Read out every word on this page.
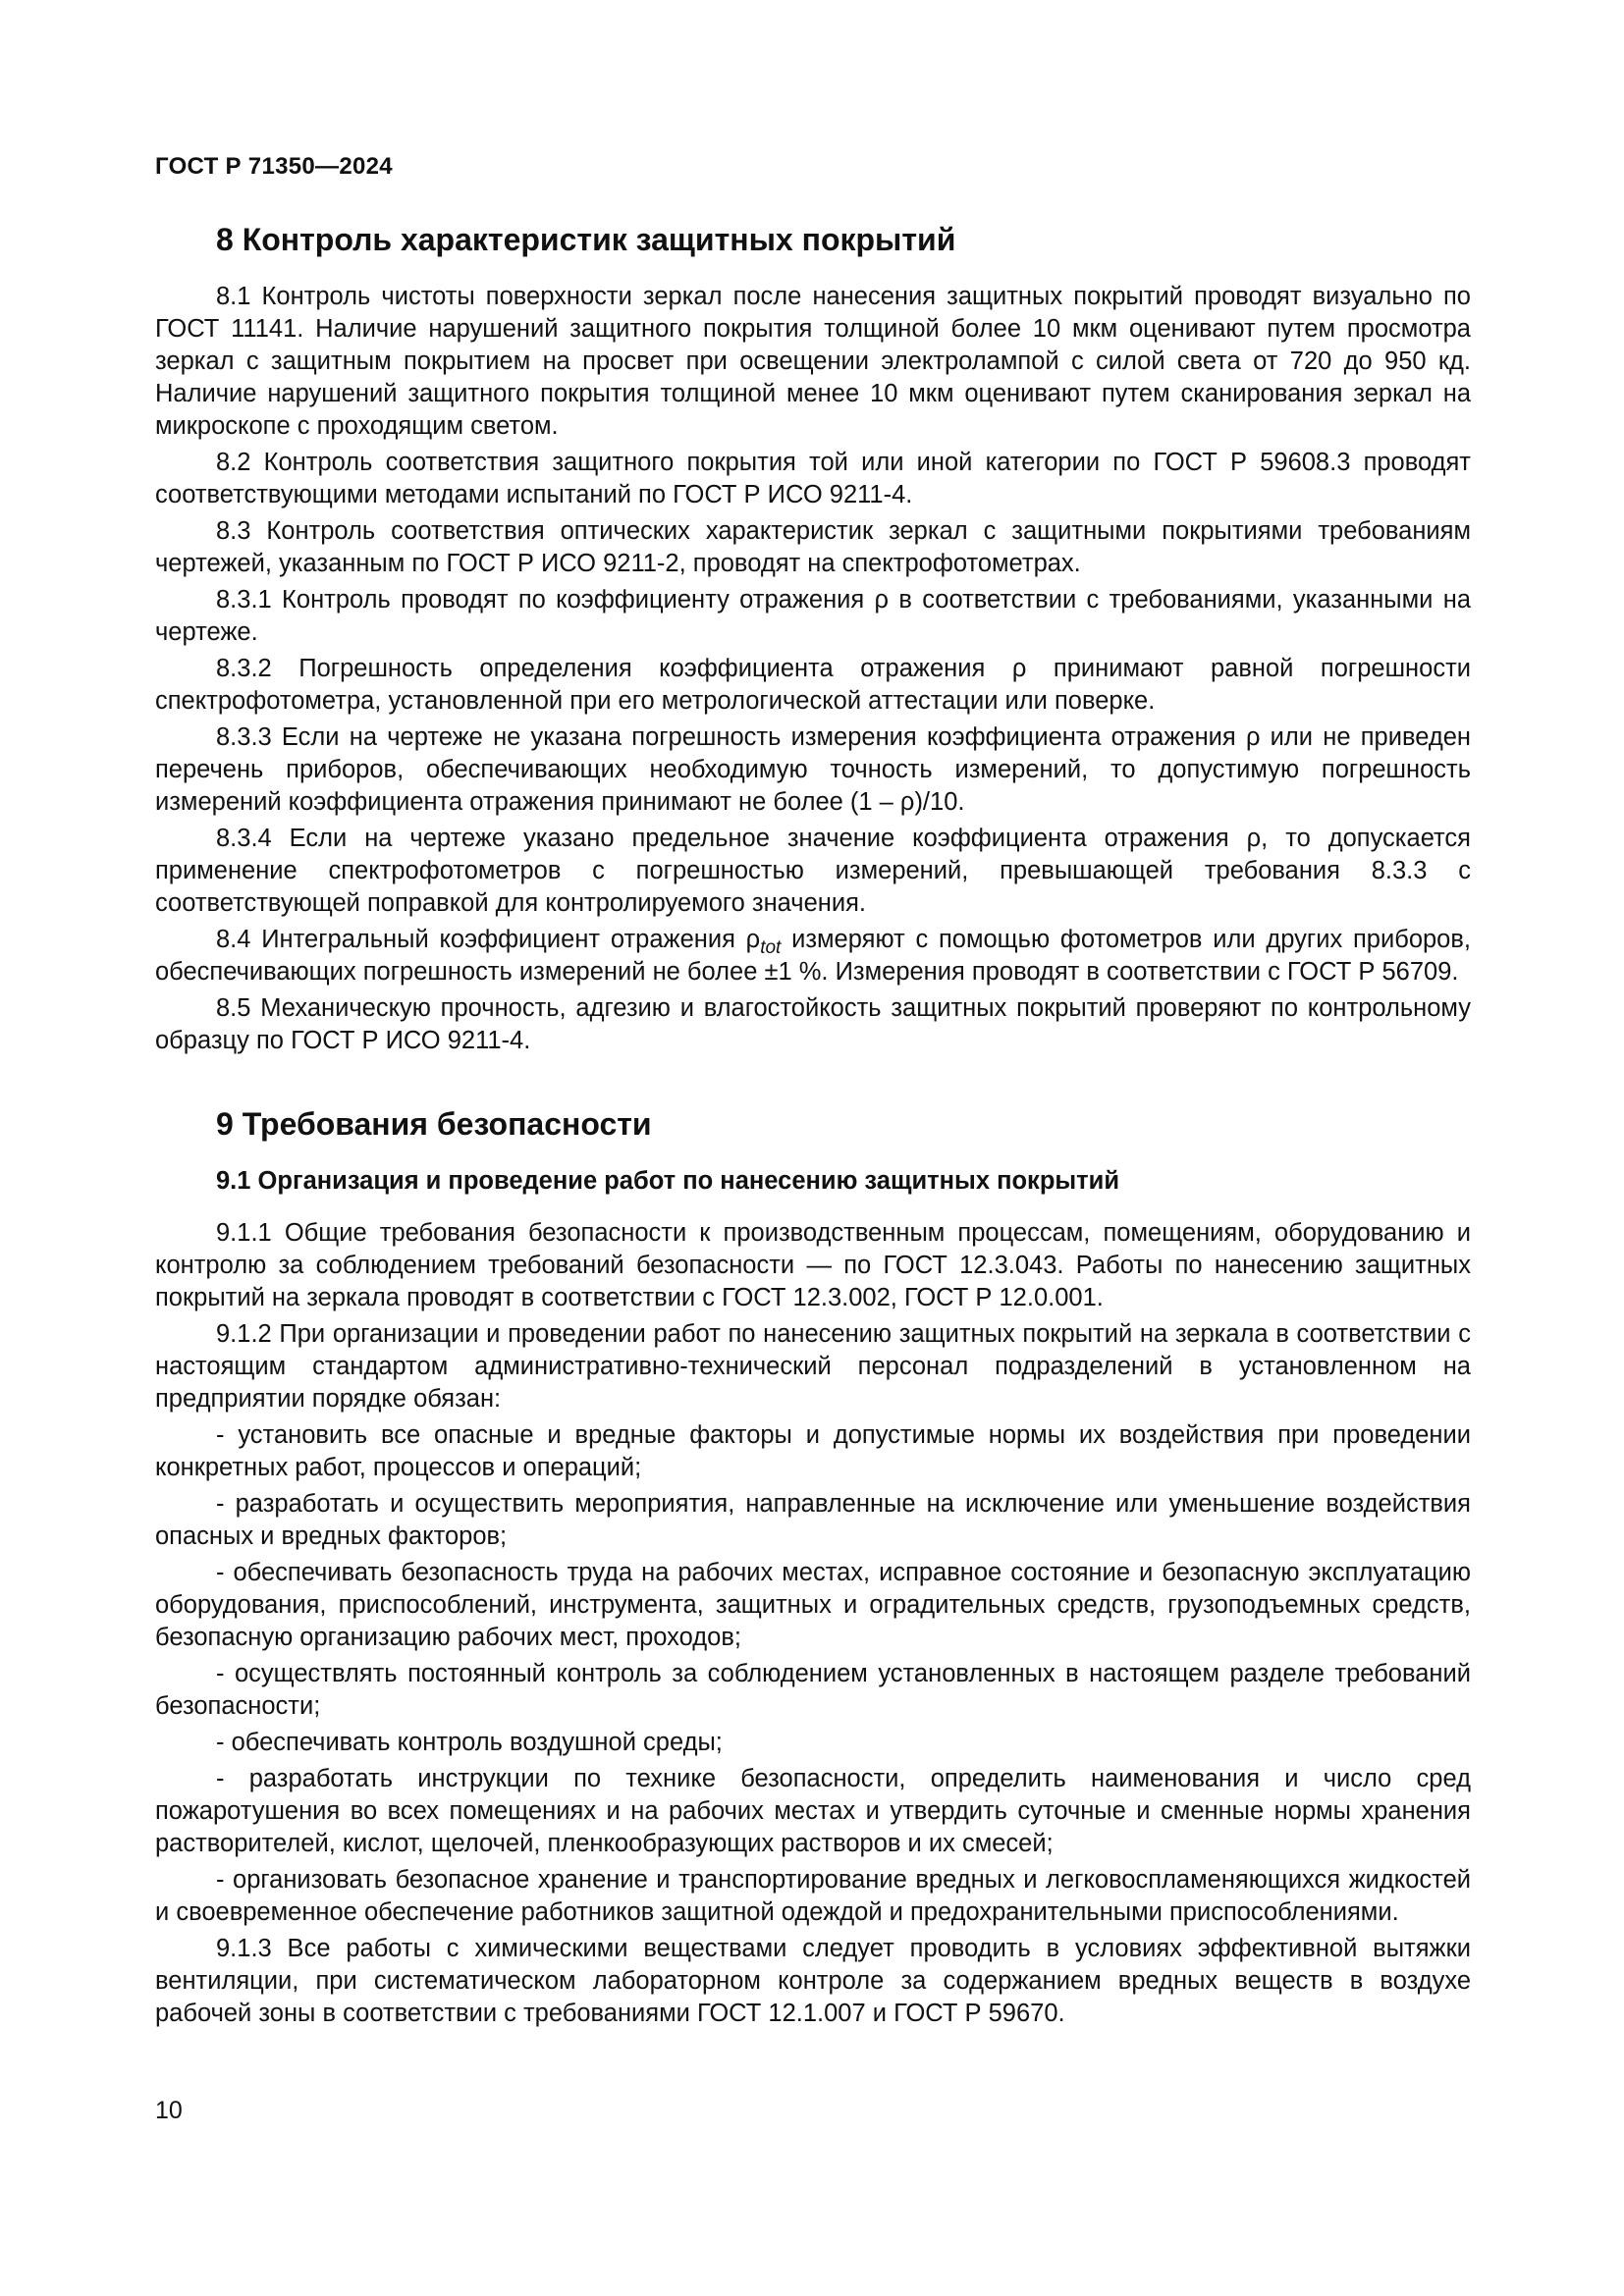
ГОСТ Р 71350—2024
8 Контроль характеристик защитных покрытий

8.1 Контроль чистоты поверхности зеркал после нанесения защитных покрытий проводят визуально по ГОСТ 11141. Наличие нарушений защитного покрытия толщиной более 10 мкм оценивают путем просмотра зеркал с защитным покрытием на просвет при освещении электролампой с силой света от 720 до 950 кд. Наличие нарушений защитного покрытия толщиной менее 10 мкм оценивают путем сканирования зеркал на микроскопе с проходящим светом.

8.2 Контроль соответствия защитного покрытия той или иной категории по ГОСТ Р 59608.3 проводят соответствующими методами испытаний по ГОСТ Р ИСО 9211-4.

8.3 Контроль соответствия оптических характеристик зеркал с защитными покрытиями требованиям чертежей, указанным по ГОСТ Р ИСО 9211-2, проводят на спектрофотометрах.

8.3.1 Контроль проводят по коэффициенту отражения ρ в соответствии с требованиями, указанными на чертеже.

8.3.2 Погрешность определения коэффициента отражения ρ принимают равной погрешности спектрофотометра, установленной при его метрологической аттестации или поверке.

8.3.3 Если на чертеже не указана погрешность измерения коэффициента отражения ρ или не приведен перечень приборов, обеспечивающих необходимую точность измерений, то допустимую погрешность измерений коэффициента отражения принимают не более (1 – ρ)/10.

8.3.4 Если на чертеже указано предельное значение коэффициента отражения ρ, то допускается применение спектрофотометров с погрешностью измерений, превышающей требования 8.3.3 с соответствующей поправкой для контролируемого значения.

8.4 Интегральный коэффициент отражения $\rho_{tot}$ измеряют с помощью фотометров или других приборов, обеспечивающих погрешность измерений не более ±1 %. Измерения проводят в соответствии с ГОСТ Р 56709.

8.5 Механическую прочность, адгезию и влагостойкость защитных покрытий проверяют по контрольному образцу по ГОСТ Р ИСО 9211-4.

9 Требования безопасности
9.1 Организация и проведение работ по нанесению защитных покрытий

9.1.1 Общие требования безопасности к производственным процессам, помещениям, оборудованию и контролю за соблюдением требований безопасности — по ГОСТ 12.3.043. Работы по нанесению защитных покрытий на зеркала проводят в соответствии с ГОСТ 12.3.002, ГОСТ Р 12.0.001.

9.1.2 При организации и проведении работ по нанесению защитных покрытий на зеркала в соответствии с настоящим стандартом административно-технический персонал подразделений в установленном на предприятии порядке обязан:

- установить все опасные и вредные факторы и допустимые нормы их воздействия при проведении конкретных работ, процессов и операций;

- разработать и осуществить мероприятия, направленные на исключение или уменьшение воздействия опасных и вредных факторов;

- обеспечивать безопасность труда на рабочих местах, исправное состояние и безопасную эксплуатацию оборудования, приспособлений, инструмента, защитных и оградительных средств, грузоподъемных средств, безопасную организацию рабочих мест, проходов;

- осуществлять постоянный контроль за соблюдением установленных в настоящем разделе требований безопасности;

- обеспечивать контроль воздушной среды;

- разработать инструкции по технике безопасности, определить наименования и число сред пожаротушения во всех помещениях и на рабочих местах и утвердить суточные и сменные нормы хранения растворителей, кислот, щелочей, пленкообразующих растворов и их смесей;

- организовать безопасное хранение и транспортирование вредных и легковоспламеняющихся жидкостей и своевременное обеспечение работников защитной одеждой и предохранительными приспособлениями.

9.1.3 Все работы с химическими веществами следует проводить в условиях эффективной вытяжки вентиляции, при систематическом лабораторном контроле за содержанием вредных веществ в воздухе рабочей зоны в соответствии с требованиями ГОСТ 12.1.007 и ГОСТ Р 59670.

10
